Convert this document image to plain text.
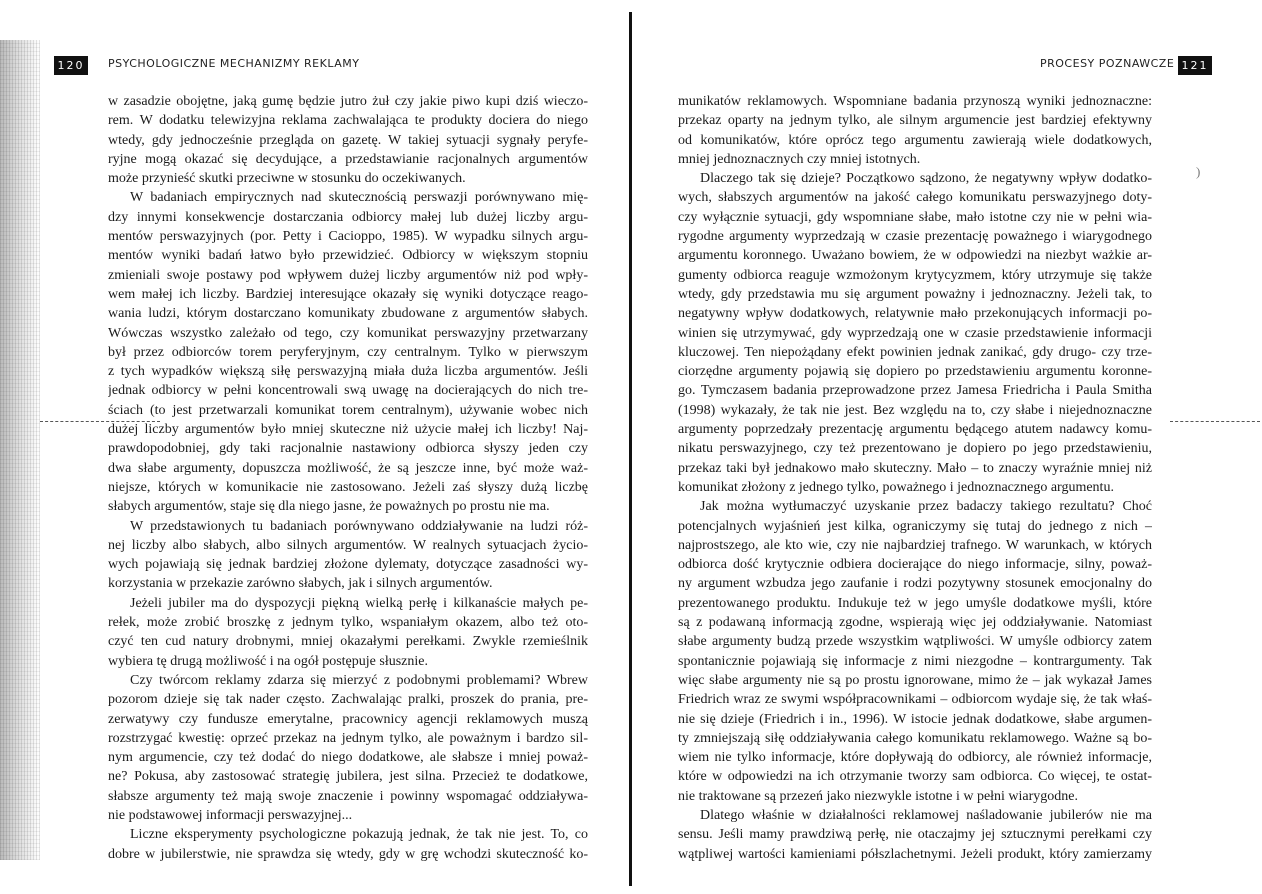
120	PSYCHOLOGICZNE MECHANIZMY REKLAMY
w zasadzie obojętne, jaką gumę będzie jutro żuł czy jakie piwo kupi dziś wieczo-
rem. W dodatku telewizyjna reklama zachwalająca te produkty dociera do niego
wtedy, gdy jednocześnie przegląda on gazetę. W takiej sytuacji sygnały peryfe-
ryjne mogą okazać się decydujące, a przedstawianie racjonalnych argumentów
może przynieść skutki przeciwne w stosunku do oczekiwanych.
W badaniach empirycznych nad skutecznością perswazji porównywano mię-
dzy innymi konsekwencje dostarczania odbiorcy małej lub dużej liczby argu-
mentów perswazyjnych (por. Petty i Cacioppo, 1985). W wypadku silnych argu-
mentów wyniki badań łatwo było przewidzieć. Odbiorcy w większym stopniu
zmieniali swoje postawy pod wpływem dużej liczby argumentów niż pod wpły-
wem małej ich liczby. Bardziej interesujące okazały się wyniki dotyczące reago-
wania ludzi, którym dostarczano komunikaty zbudowane z argumentów słabych.
Wówczas wszystko zależało od tego, czy komunikat perswazyjny przetwarzany
był przez odbiorców torem peryferyjnym, czy centralnym. Tylko w pierwszym
z tych wypadków większą siłę perswazyjną miała duża liczba argumentów. Jeśli
jednak odbiorcy w pełni koncentrowali swą uwagę na docierających do nich tre-
ściach (to jest przetwarzali komunikat torem centralnym), używanie wobec nich
dużej liczby argumentów było mniej skuteczne niż użycie małej ich liczby! Naj-
prawdopodobniej, gdy taki racjonalnie nastawiony odbiorca słyszy jeden czy
dwa słabe argumenty, dopuszcza możliwość, że są jeszcze inne, być może waż-
niejsze, których w komunikacie nie zastosowano. Jeżeli zaś słyszy dużą liczbę
słabych argumentów, staje się dla niego jasne, że poważnych po prostu nie ma.
W przedstawionych tu badaniach porównywano oddziaływanie na ludzi róż-
nej liczby albo słabych, albo silnych argumentów. W realnych sytuacjach życio-
wych pojawiają się jednak bardziej złożone dylematy, dotyczące zasadności wy-
korzystania w przekazie zarówno słabych, jak i silnych argumentów.
Jeżeli jubiler ma do dyspozycji piękną wielką perłę i kilkanaście małych pe-
rełek, może zrobić broszkę z jednym tylko, wspaniałym okazem, albo też oto-
czyć ten cud natury drobnymi, mniej okazałymi perełkami. Zwykle rzemieślnik
wybiera tę drugą możliwość i na ogół postępuje słusznie.
Czy twórcom reklamy zdarza się mierzyć z podobnymi problemami? Wbrew
pozorom dzieje się tak nader często. Zachwalając pralki, proszek do prania, pre-
zerwatywy czy fundusze emerytalne, pracownicy agencji reklamowych muszą
rozstrzygać kwestię: oprzeć przekaz na jednym tylko, ale poważnym i bardzo sil-
nym argumencie, czy też dodać do niego dodatkowe, ale słabsze i mniej poważ-
ne? Pokusa, aby zastosować strategię jubilera, jest silna. Przecież te dodatkowe,
słabsze argumenty też mają swoje znaczenie i powinny wspomagać oddziaływa-
nie podstawowej informacji perswazyjnej...
Liczne eksperymenty psychologiczne pokazują jednak, że tak nie jest. To, co
dobre w jubilerstwie, nie sprawdza się wtedy, gdy w grę wchodzi skuteczność ko-
PROCESY POZNAWCZE 121
munikatów reklamowych. Wspomniane badania przynoszą wyniki jednoznaczne:
przekaz oparty na jednym tylko, ale silnym argumencie jest bardziej efektywny
od komunikatów, które oprócz tego argumentu zawierają wiele dodatkowych,
mniej jednoznacznych czy mniej istotnych.
Dlaczego tak się dzieje? Początkowo sądzono, że negatywny wpływ dodatko-
wych, słabszych argumentów na jakość całego komunikatu perswazyjnego doty-
czy wyłącznie sytuacji, gdy wspomniane słabe, mało istotne czy nie w pełni wia-
rygodne argumenty wyprzedzają w czasie prezentację poważnego i wiarygodnego
argumentu koronnego. Uważano bowiem, że w odpowiedzi na niezbyt ważkie ar-
gumenty odbiorca reaguje wzmożonym krytycyzmem, który utrzymuje się także
wtedy, gdy przedstawia mu się argument poważny i jednoznaczny. Jeżeli tak, to
negatywny wpływ dodatkowych, relatywnie mało przekonujących informacji po-
winien się utrzymywać, gdy wyprzedzają one w czasie przedstawienie informacji
kluczowej. Ten niepożądany efekt powinien jednak zanikać, gdy drugo- czy trze-
ciorzędne argumenty pojawią się dopiero po przedstawieniu argumentu koronne-
go. Tymczasem badania przeprowadzone przez Jamesa Friedricha i Paula Smitha
(1998) wykazały, że tak nie jest. Bez względu na to, czy słabe i niejednoznaczne
argumenty poprzedzały prezentację argumentu będącego atutem nadawcy komu-
nikatu perswazyjnego, czy też prezentowano je dopiero po jego przedstawieniu,
przekaz taki był jednakowo mało skuteczny. Mało – to znaczy wyraźnie mniej niż
komunikat złożony z jednego tylko, poważnego i jednoznacznego argumentu.
Jak można wytłumaczyć uzyskanie przez badaczy takiego rezultatu? Choć
potencjalnych wyjaśnień jest kilka, ograniczymy się tutaj do jednego z nich –
najprostszego, ale kto wie, czy nie najbardziej trafnego. W warunkach, w których
odbiorca dość krytycznie odbiera docierające do niego informacje, silny, poważ-
ny argument wzbudza jego zaufanie i rodzi pozytywny stosunek emocjonalny do
prezentowanego produktu. Indukuje też w jego umyśle dodatkowe myśli, które
są z podawaną informacją zgodne, wspierają więc jej oddziaływanie. Natomiast
słabe argumenty budzą przede wszystkim wątpliwości. W umyśle odbiorcy zatem
spontanicznie pojawiają się informacje z nimi niezgodne – kontrargumenty. Tak
więc słabe argumenty nie są po prostu ignorowane, mimo że – jak wykazał James
Friedrich wraz ze swymi współpracownikami – odbiorcom wydaje się, że tak właś-
nie się dzieje (Friedrich i in., 1996). W istocie jednak dodatkowe, słabe argumen-
ty zmniejszają siłę oddziaływania całego komunikatu reklamowego. Ważne są bo-
wiem nie tylko informacje, które dopływają do odbiorcy, ale również informacje,
które w odpowiedzi na ich otrzymanie tworzy sam odbiorca. Co więcej, te ostat-
nie traktowane są przezeń jako niezwykle istotne i w pełni wiarygodne.
Dlatego właśnie w działalności reklamowej naśladowanie jubilerów nie ma
sensu. Jeśli mamy prawdziwą perłę, nie otaczajmy jej sztucznymi perełkami czy
wątpliwej wartości kamieniami półszlachetnymi. Jeżeli produkt, który zamierzamy
)
